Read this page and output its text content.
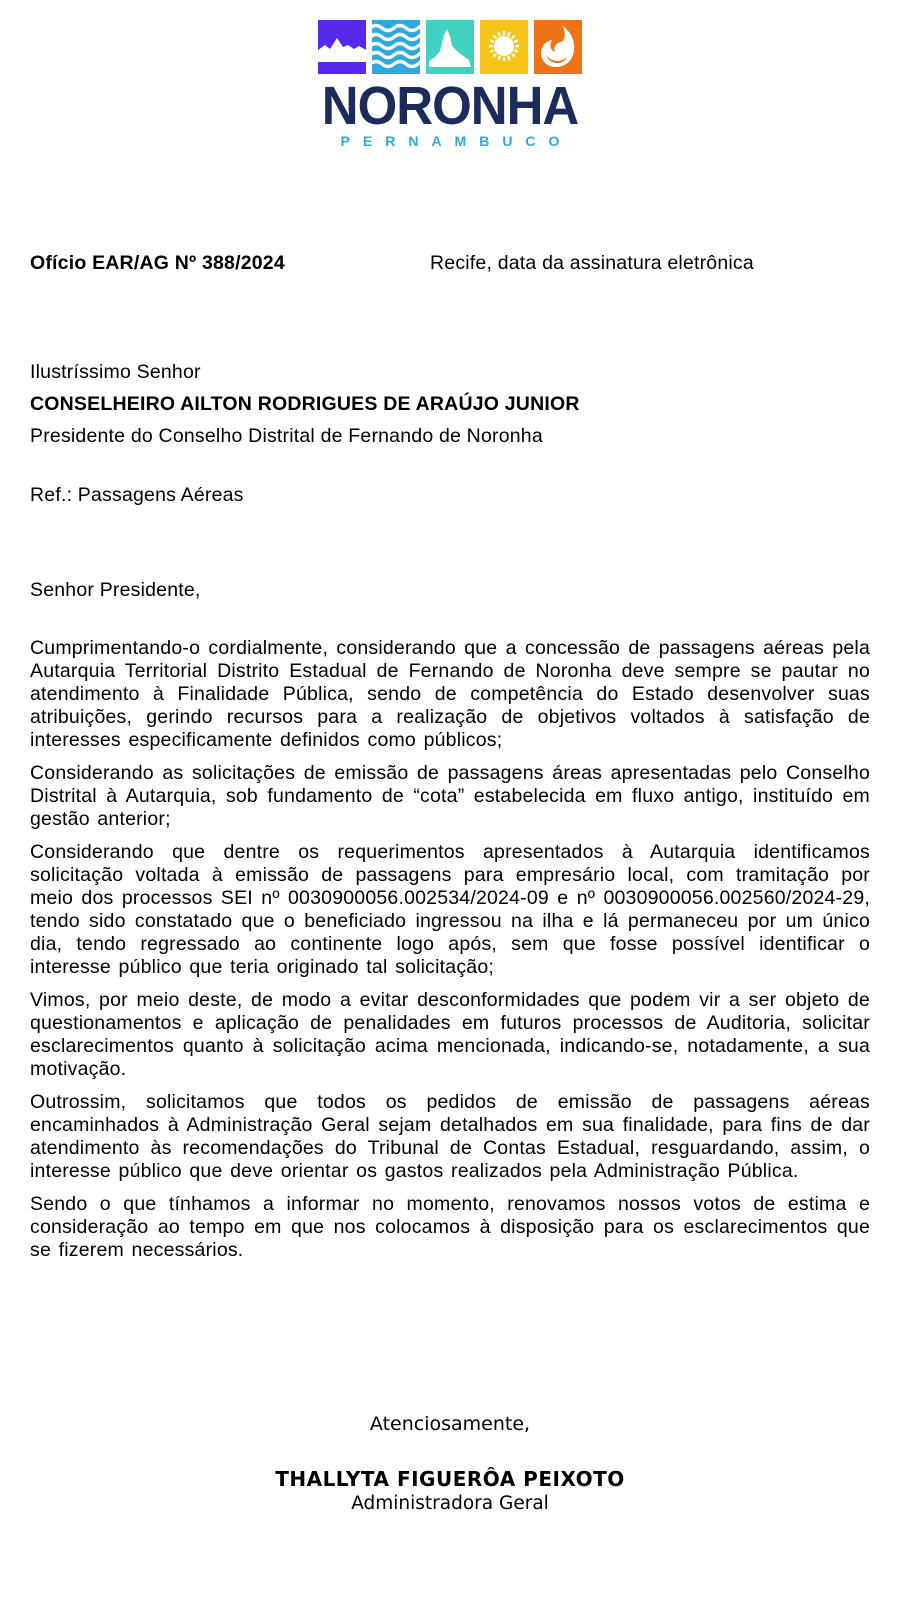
NORONHA
PERNAMBUCO
Ofício EAR/AG Nº 388/2024	Recife, data da assinatura eletrônica
Ilustríssimo Senhor
CONSELHEIRO AILTON RODRIGUES DE ARAÚJO JUNIOR
Presidente do Conselho Distrital de Fernando de Noronha
Ref.: Passagens Aéreas
Senhor Presidente,

Cumprimentando-o cordialmente, considerando que a concessão de passagens aéreas pela Autarquia Territorial Distrito Estadual de Fernando de Noronha deve sempre se pautar no atendimento à Finalidade Pública, sendo de competência do Estado desenvolver suas atribuições, gerindo recursos para a realização de objetivos voltados à satisfação de interesses especificamente definidos como públicos;

Considerando as solicitações de emissão de passagens áreas apresentadas pelo Conselho Distrital à Autarquia, sob fundamento de “cota” estabelecida em fluxo antigo, instituído em gestão anterior;

Considerando que dentre os requerimentos apresentados à Autarquia identificamos solicitação voltada à emissão de passagens para empresário local, com tramitação por meio dos processos SEI nº 0030900056.002534/2024-09 e nº 0030900056.002560/2024-29, tendo sido constatado que o beneficiado ingressou na ilha e lá permaneceu por um único dia, tendo regressado ao continente logo após, sem que fosse possível identificar o interesse público que teria originado tal solicitação;

Vimos, por meio deste, de modo a evitar desconformidades que podem vir a ser objeto de questionamentos e aplicação de penalidades em futuros processos de Auditoria, solicitar esclarecimentos quanto à solicitação acima mencionada, indicando-se, notadamente, a sua motivação.

Outrossim, solicitamos que todos os pedidos de emissão de passagens aéreas encaminhados à Administração Geral sejam detalhados em sua finalidade, para fins de dar atendimento às recomendações do Tribunal de Contas Estadual, resguardando, assim, o interesse público que deve orientar os gastos realizados pela Administração Pública.

Sendo o que tínhamos a informar no momento, renovamos nossos votos de estima e consideração ao tempo em que nos colocamos à disposição para os esclarecimentos que se fizerem necessários.

Atenciosamente,
THALLYTA FIGUERÔA PEIXOTO
Administradora Geral
